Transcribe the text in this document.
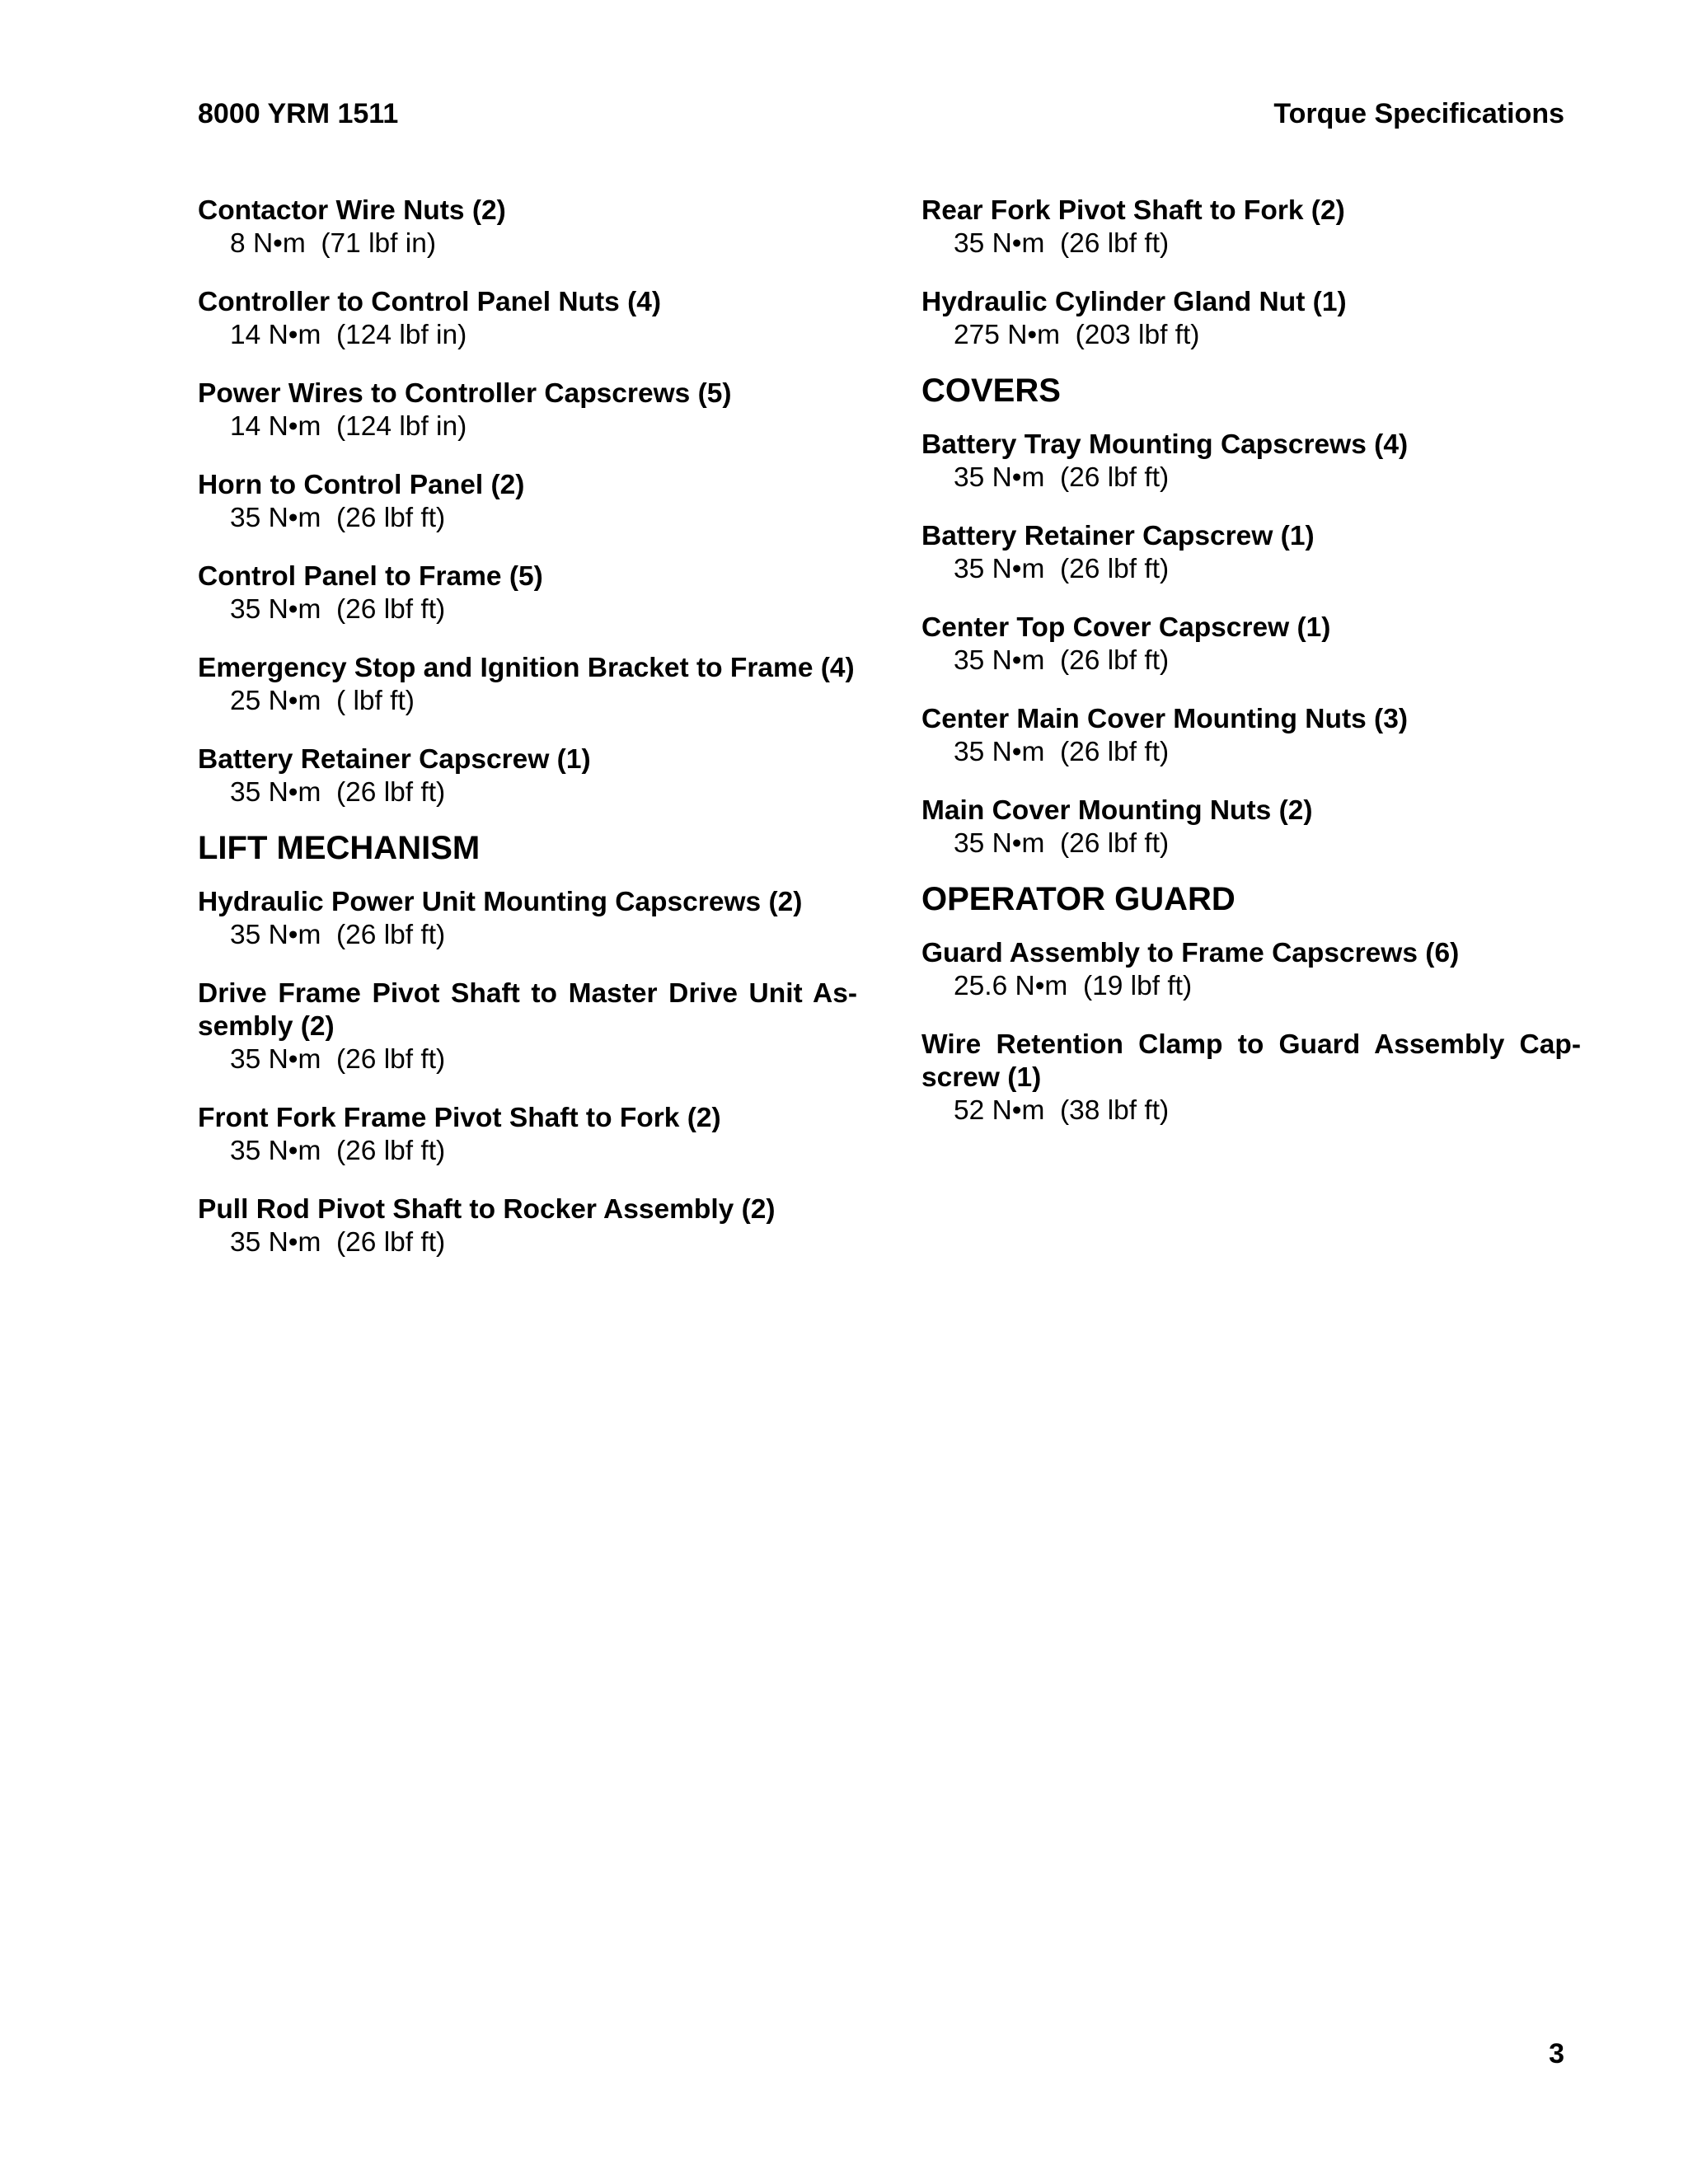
8000 YRM 1511	Torque Specifications
Contactor Wire Nuts (2)
8 N•m  (71 lbf in)
Controller to Control Panel Nuts (4)
14 N•m  (124 lbf in)
Power Wires to Controller Capscrews (5)
14 N•m  (124 lbf in)
Horn to Control Panel (2)
35 N•m  (26 lbf ft)
Control Panel to Frame (5)
35 N•m  (26 lbf ft)
Emergency Stop and Ignition Bracket to Frame (4)
25 N•m  ( lbf ft)
Battery Retainer Capscrew (1)
35 N•m  (26 lbf ft)
LIFT MECHANISM
Hydraulic Power Unit Mounting Capscrews (2)
35 N•m  (26 lbf ft)
Drive Frame Pivot Shaft to Master Drive Unit Assembly (2)
35 N•m  (26 lbf ft)
Front Fork Frame Pivot Shaft to Fork (2)
35 N•m  (26 lbf ft)
Pull Rod Pivot Shaft to Rocker Assembly (2)
35 N•m  (26 lbf ft)
Rear Fork Pivot Shaft to Fork (2)
35 N•m  (26 lbf ft)
Hydraulic Cylinder Gland Nut (1)
275 N•m  (203 lbf ft)
COVERS
Battery Tray Mounting Capscrews (4)
35 N•m  (26 lbf ft)
Battery Retainer Capscrew (1)
35 N•m  (26 lbf ft)
Center Top Cover Capscrew (1)
35 N•m  (26 lbf ft)
Center Main Cover Mounting Nuts (3)
35 N•m  (26 lbf ft)
Main Cover Mounting Nuts (2)
35 N•m  (26 lbf ft)
OPERATOR GUARD
Guard Assembly to Frame Capscrews (6)
25.6 N•m  (19 lbf ft)
Wire Retention Clamp to Guard Assembly Capscrew (1)
52 N•m  (38 lbf ft)
3
